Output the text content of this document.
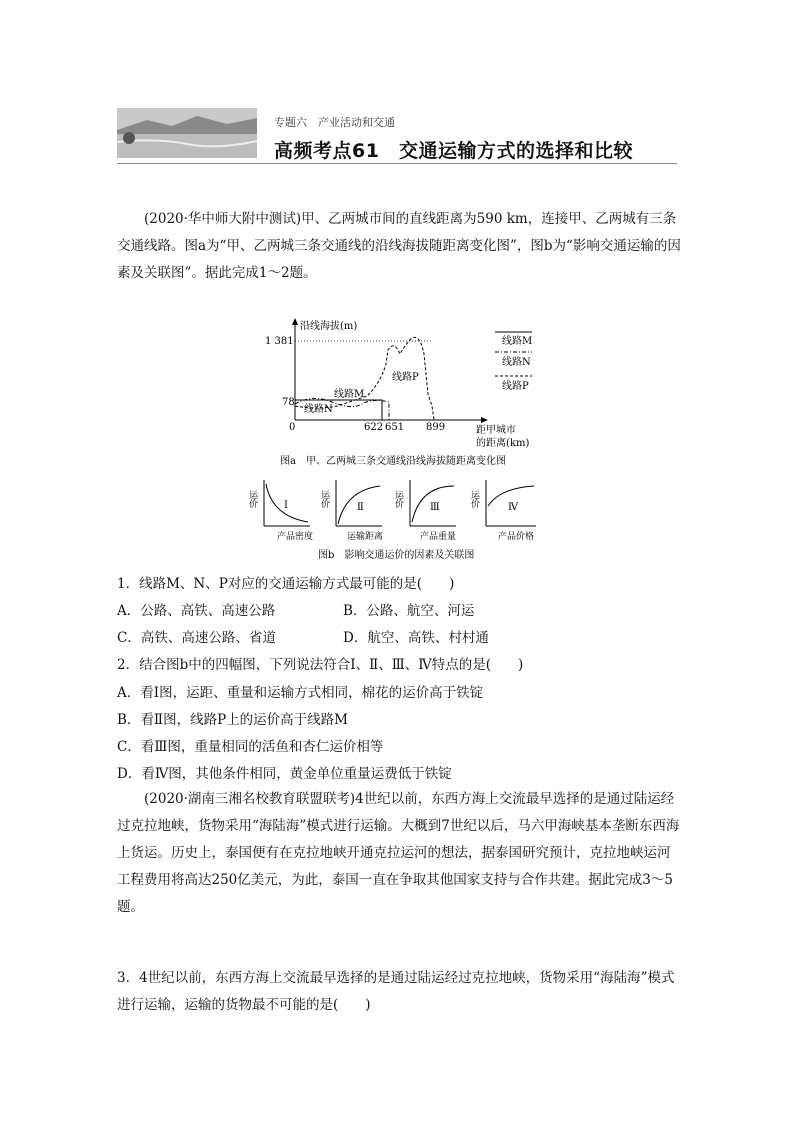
专题六　产业活动和交通
高频考点61　交通运输方式的选择和比较

(2020·华中师大附中测试)甲、乙两城市间的直线距离为590 km，连接甲、乙两城有三条交通线路。图a为“甲、乙两城三条交通线的沿线海拔随距离变化图”，图b为“影响交通运输的因素及关联图”。据此完成1～2题。

沿线海拔(m)
距甲城市
的距离(km)
0
1 381
78
622 651 899
线路M
线路N
线路P
线路M
线路N
线路P
图a　甲、乙两城三条交通线沿线海拔随距离变化图
运价	Ⅰ
产品密度
运价	Ⅱ
运输距离
运价	Ⅲ
产品重量
运价	Ⅳ
产品价格
图b　影响交通运价的因素及关联图
1．线路M、N、P对应的交通运输方式最可能的是(　　)
A．公路、高铁、高速公路	B．公路、航空、河运
C．高铁、高速公路、省道	D．航空、高铁、村村通
2．结合图b中的四幅图，下列说法符合Ⅰ、Ⅱ、Ⅲ、Ⅳ特点的是(　　)
A．看Ⅰ图，运距、重量和运输方式相同，棉花的运价高于铁锭
B．看Ⅱ图，线路P上的运价高于线路M
C．看Ⅲ图，重量相同的活鱼和杏仁运价相等
D．看Ⅳ图，其他条件相同，黄金单位重量运费低于铁锭

(2020·湖南三湘名校教育联盟联考)4世纪以前，东西方海上交流最早选择的是通过陆运经过克拉地峡，货物采用“海陆海”模式进行运输。大概到7世纪以后，马六甲海峡基本垄断东西海上货运。历史上，泰国便有在克拉地峡开通克拉运河的想法，据泰国研究预计，克拉地峡运河工程费用将高达250亿美元，为此，泰国一直在争取其他国家支持与合作共建。据此完成3～5题。

3．4世纪以前，东西方海上交流最早选择的是通过陆运经过克拉地峡，货物采用“海陆海”模式进行运输，运输的货物最不可能的是(　　)
